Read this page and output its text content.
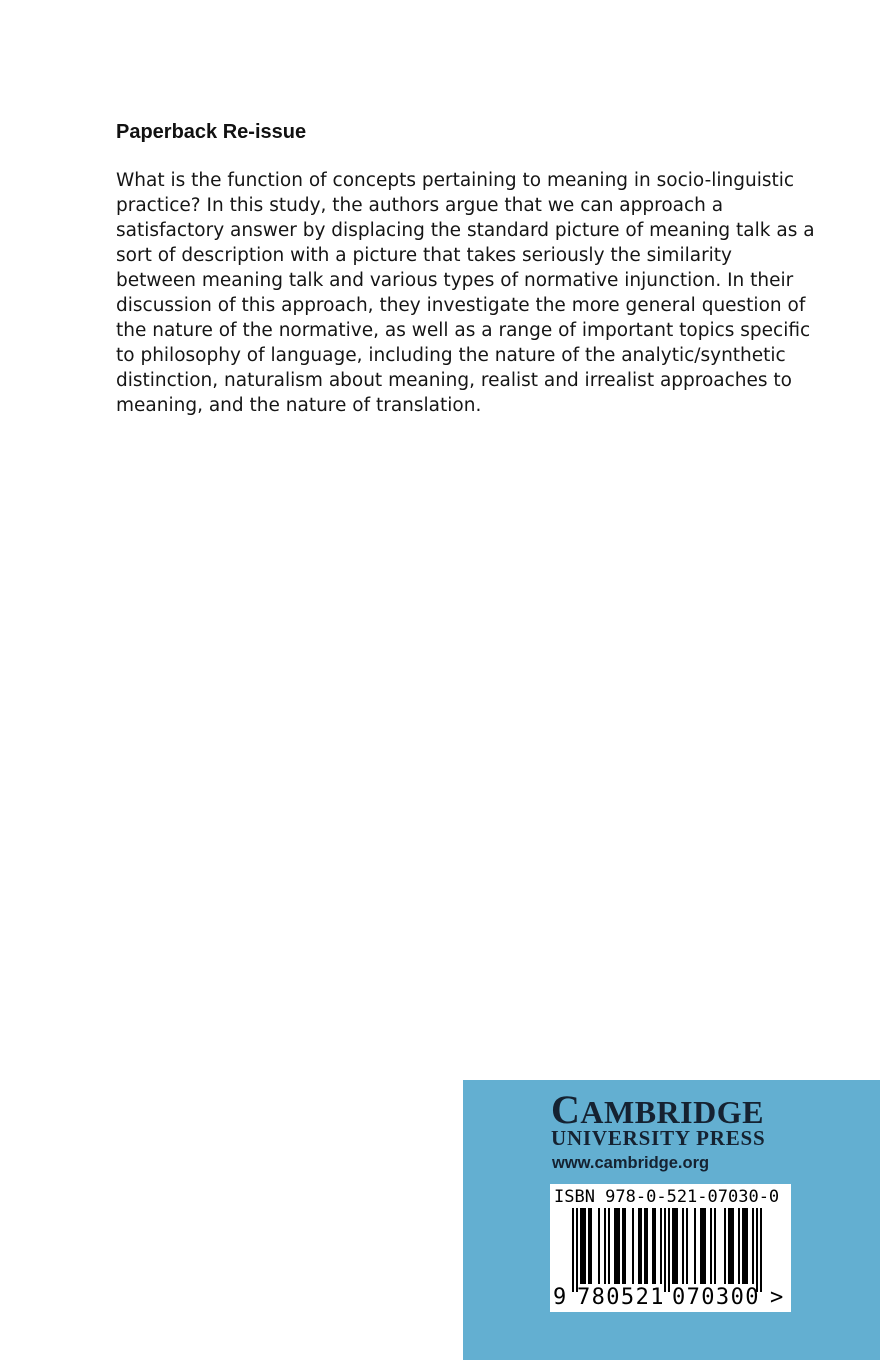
Paperback Re-issue
What is the function of concepts pertaining to meaning in socio-linguistic
practice? In this study, the authors argue that we can approach a
satisfactory answer by displacing the standard picture of meaning talk as a
sort of description with a picture that takes seriously the similarity
between meaning talk and various types of normative injunction. In their
discussion of this approach, they investigate the more general question of
the nature of the normative, as well as a range of important topics specific
to philosophy of language, including the nature of the analytic/synthetic
distinction, naturalism about meaning, realist and irrealist approaches to
meaning, and the nature of translation.
CAMBRIDGE
UNIVERSITY PRESS
www.cambridge.org
ISBN 978-0-521-07030-0
9 780521 070300 >
